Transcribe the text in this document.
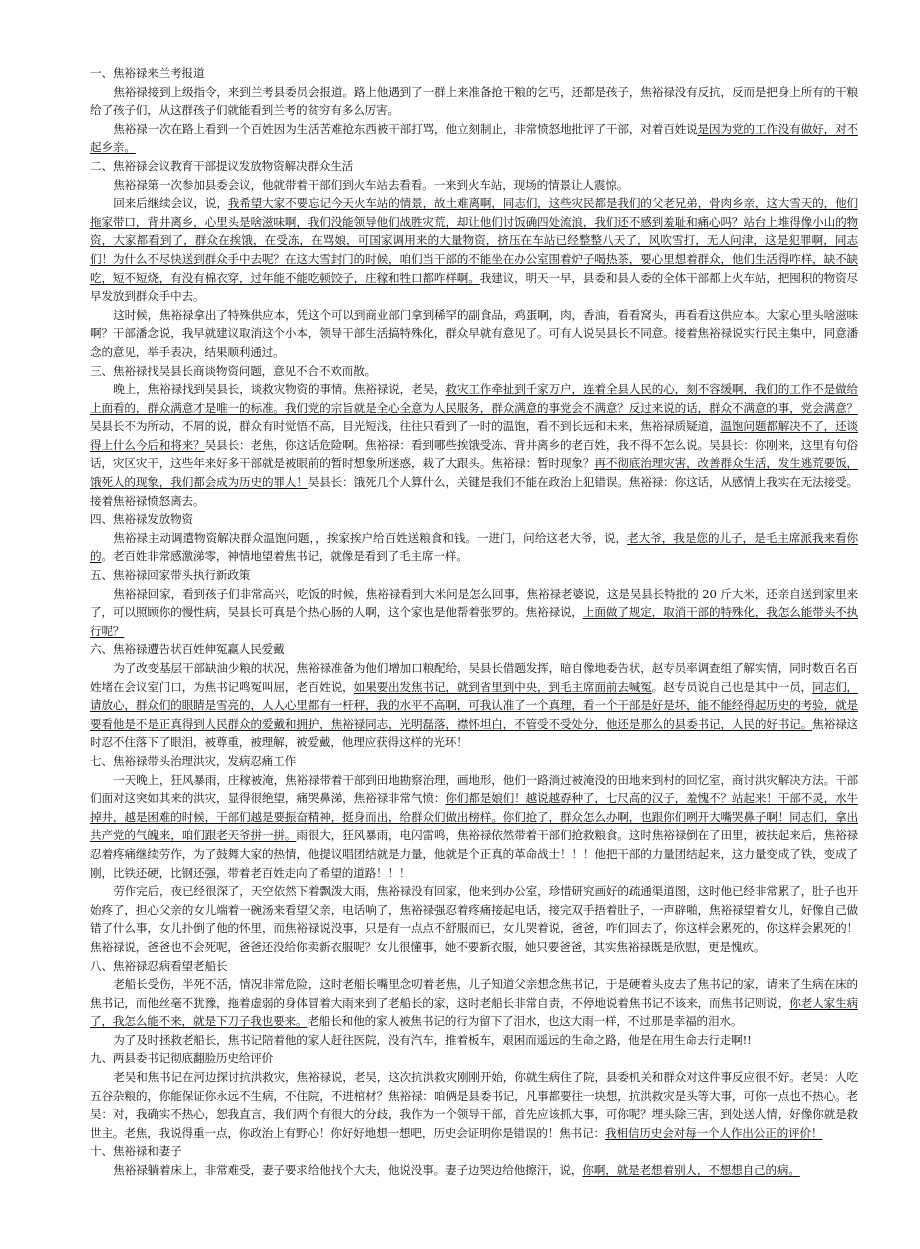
一、焦裕禄来兰考报道
焦裕禄接到上级指令，来到兰考县委员会报道。路上他遇到了一群上来准备抢干粮的乞丐，还都是孩子，焦裕禄没有反抗，反而是把身上所有的干粮给了孩子们，从这群孩子们就能看到兰考的贫穷有多么厉害。
焦裕禄一次在路上看到一个百姓因为生活苦难抢东西被干部打骂，他立刻制止，非常愤怒地批评了干部，对着百姓说是因为党的工作没有做好，对不起乡亲。
二、焦裕禄会议教育干部提议发放物资解决群众生活
焦裕禄第一次参加县委会议，他就带着干部们到火车站去看看。一来到火车站，现场的情景让人震惊。
回来后继续会议，说，我希望大家不要忘记今天火车站的情景，故土难离啊，同志们，这些灾民都是我们的父老兄弟，骨肉乡亲，这大雪天的，他们拖家带口，背井离乡，心里头是啥滋味啊，我们没能领导他们战胜灾荒，却让他们讨饭确四处流浪，我们还不感到羞耻和痛心吗？站台上堆得像小山的物资，大家都看到了，群众在挨饿，在受冻，在骂娘，可国家调用来的大量物资，挤压在车站已经整整八天了，风吹雪打，无人问津，这是犯罪啊，同志们！为什么不尽快送到群众手中去呢？在这大雪封门的时候，咱们当干部的不能坐在办公室围着炉子喝热茶，要心里想着群众，他们生活得咋样，缺不缺吃，短不短烧，有没有棉衣穿，过年能不能吃顿饺子，庄稼和牲口都咋样啊。我建议，明天一早，县委和县人委的全体干部都上火车站，把囤积的物资尽早发放到群众手中去。
这时候，焦裕禄拿出了特殊供应本，凭这个可以到商业部门拿到稀罕的副食品，鸡蛋啊，肉，香油，看看窝头，再看看这供应本。大家心里头啥滋味啊？干部潘念说，我早就建议取消这个小本，领导干部生活搞特殊化，群众早就有意见了。可有人说吴县长不同意。接着焦裕禄说实行民主集中，同意潘念的意见，举手表决，结果顺利通过。
三、焦裕禄找吴县长商谈物资问题，意见不合不欢而散。
晚上，焦裕禄找到吴县长，谈救灾物资的事情。焦裕禄说，老吴，救灾工作牵扯到千家万户，连着全县人民的心，刻不容缓啊，我们的工作不是做给上面看的，群众满意才是唯一的标准。我们党的宗旨就是全心全意为人民服务，群众满意的事党会不满意？反过来说的话，群众不满意的事，党会满意？吴县长不为所动，不屑的说，群众有时觉悟不高，目光短浅，往往只看到了一时的温饱，看不到长远和未来，焦裕禄质疑道，温饱问题都解决不了，还谈得上什么今后和将来？吴县长：老焦，你这话危险啊。焦裕禄：看到哪些挨饿受冻、背井离乡的老百姓，我不得不怎么说。吴县长：你刚来，这里有句俗话，灾区灾干，这些年来好多干部就是被眼前的暂时想象所迷惑，栽了大跟头。焦裕禄：暂时现象？再不彻底治理灾害，改善群众生活，发生逃荒要饭，饿死人的现象，我们都会成为历史的罪人！吴县长：饿死几个人算什么，关键是我们不能在政治上犯错误。焦裕禄：你这话，从感情上我实在无法接受。接着焦裕禄愤怒离去。
四、焦裕禄发放物资
焦裕禄主动调遣物资解决群众温饱问题，，挨家挨户给百姓送粮食和钱。一进门，问给这老大爷，说，老大爷，我是您的儿子，是毛主席派我来看你的。老百姓非常感激涕零，神情地望着焦书记，就像是看到了毛主席一样。
五、焦裕禄回家带头执行新政策
焦裕禄回家，看到孩子们非常高兴，吃饭的时候，焦裕禄看到大米问是怎么回事，焦裕禄老婆说，这是吴县长特批的 20 斤大米，还亲自送到家里来了，可以照顾你的慢性病，吴县长可真是个热心肠的人啊，这个家也是他帮着张罗的。焦裕禄说，上面做了规定，取消干部的特殊化，我怎么能带头不执行呢？
六、焦裕禄遭告状百姓伸冤赢人民爱戴
为了改变基层干部缺油少粮的状况，焦裕禄准备为他们增加口粮配给，吴县长借题发挥，暗自像地委告状，赵专员率调查组了解实情，同时数百名百姓堵在会议室门口，为焦书记鸣冤叫屈，老百姓说，如果要出发焦书记，就到省里到中央，到毛主席面前去喊冤。赵专员说自己也是其中一员，同志们，请放心，群众们的眼睛是雪亮的，人人心里都有一杆秤，我的水平不高啊，可我认准了一个真理，看一个干部是好是坏，能不能经得起历史的考验，就是要看他是不是正真得到人民群众的爱戴和拥护，焦裕禄同志，光明磊落，襟怀坦白，不管受不受处分，他还是那么的县委书记，人民的好书记。焦裕禄这时忍不住落下了眼泪，被尊重，被理解，被爱戴，他理应获得这样的光环！
七、焦裕禄带头治理洪灾，发病忍痛工作
一天晚上，狂风暴雨，庄稼被淹，焦裕禄带着干部到田地勘察治理，画地形，他们一路淌过被淹没的田地来到村的回忆室，商讨洪灾解决方法。干部们面对这突如其来的洪灾，显得很绝望，痛哭鼻涕，焦裕禄非常气愤：你们都是娘们！越说越孬种了，七尺高的汉子，羞愧不？站起来！干部不灵，水牛掉井，越是困难的时候，干部们越是要振奋精神，挺身而出，给群众们做出榜样。你们抢了，群众怎么办啊，也跟你们咧开大嘴哭鼻子啊！同志们，拿出共产党的气魄来，咱们跟老天爷拼一拼。雨很大，狂风暴雨，电闪雷鸣，焦裕禄依然带着干部们抢救粮食。这时焦裕禄倒在了田里，被扶起来后，焦裕禄忍着疼痛继续劳作，为了鼓舞大家的热情，他提议唱团结就是力量，他就是个正真的革命战士！！！他把干部的力量团结起来，这力量变成了铁，变成了刚，比铁还硬，比钢还强，带着老百姓走向了希望的道路！！！
劳作完后，夜已经很深了，天空依然下着飘泼大雨，焦裕禄没有回家，他来到办公室，珍惜研究画好的疏通渠道图，这时他已经非常累了，肚子也开始疼了，担心父亲的女儿端着一碗汤来看望父亲，电话响了，焦裕禄强忍着疼痛接起电话，接完双手捂着肚子，一声辟啪，焦裕禄望着女儿，好像自己做错了什么事，女儿扑倒了他的怀里，而焦裕禄说没事，只是有一点点不舒服而已，女儿哭着说，爸爸，咋们回去了，你这样会累死的，你这样会累死的！焦裕禄说，爸爸也不会死呢，爸爸还没给你卖新衣服呢？女儿很懂事，她不要新衣服，她只要爸爸，其实焦裕禄既是欣慰，更是愧疚。
八、焦裕禄忍病看望老船长
老船长受伤，半死不活，情况非常危险，这时老船长嘴里念叨着老焦，儿子知道父亲想念焦书记，于是硬着头皮去了焦书记的家，请来了生病在床的焦书记，而他丝毫不犹豫，拖着虚弱的身体冒着大雨来到了老船长的家，这时老船长非常自责，不停地说着焦书记不该来，而焦书记则说，你老人家生病了，我怎么能不来，就是下刀子我也要来。老船长和他的家人被焦书记的行为留下了泪水，也这大雨一样，不过那是幸福的泪水。
为了及时拯救老船长，焦书记陪着他的家人赶往医院，没有汽车，推着板车，艰困而遥远的生命之路，他是在用生命去行走啊!!
九、两县委书记彻底翻脸历史给评价
老吴和焦书记在河边探讨抗洪救灾，焦裕禄说，老吴，这次抗洪救灾刚刚开始，你就生病住了院，县委机关和群众对这件事反应很不好。老吴：人吃五谷杂粮的，你能保证你永远不生病，不住院，不进棺材？焦裕禄：咱俩是县委书记，凡事都要往一块想，抗洪救灾是头等大事，可你一点也不热心。老吴：对，我确实不热心，恕我直言，我们两个有很大的分歧，我作为一个领导干部，首先应该抓大事，可你呢？埋头除三害，到处送人情，好像你就是救世主。老焦，我说得重一点，你政治上有野心！你好好地想一想吧，历史会证明你是错误的！焦书记：我相信历史会对每一个人作出公正的评价！
十、焦裕禄和妻子
焦裕禄躺着床上，非常难受，妻子要求给他找个大夫，他说没事。妻子边哭边给他擦汗，说，你啊，就是老想着别人，不想想自己的病。
